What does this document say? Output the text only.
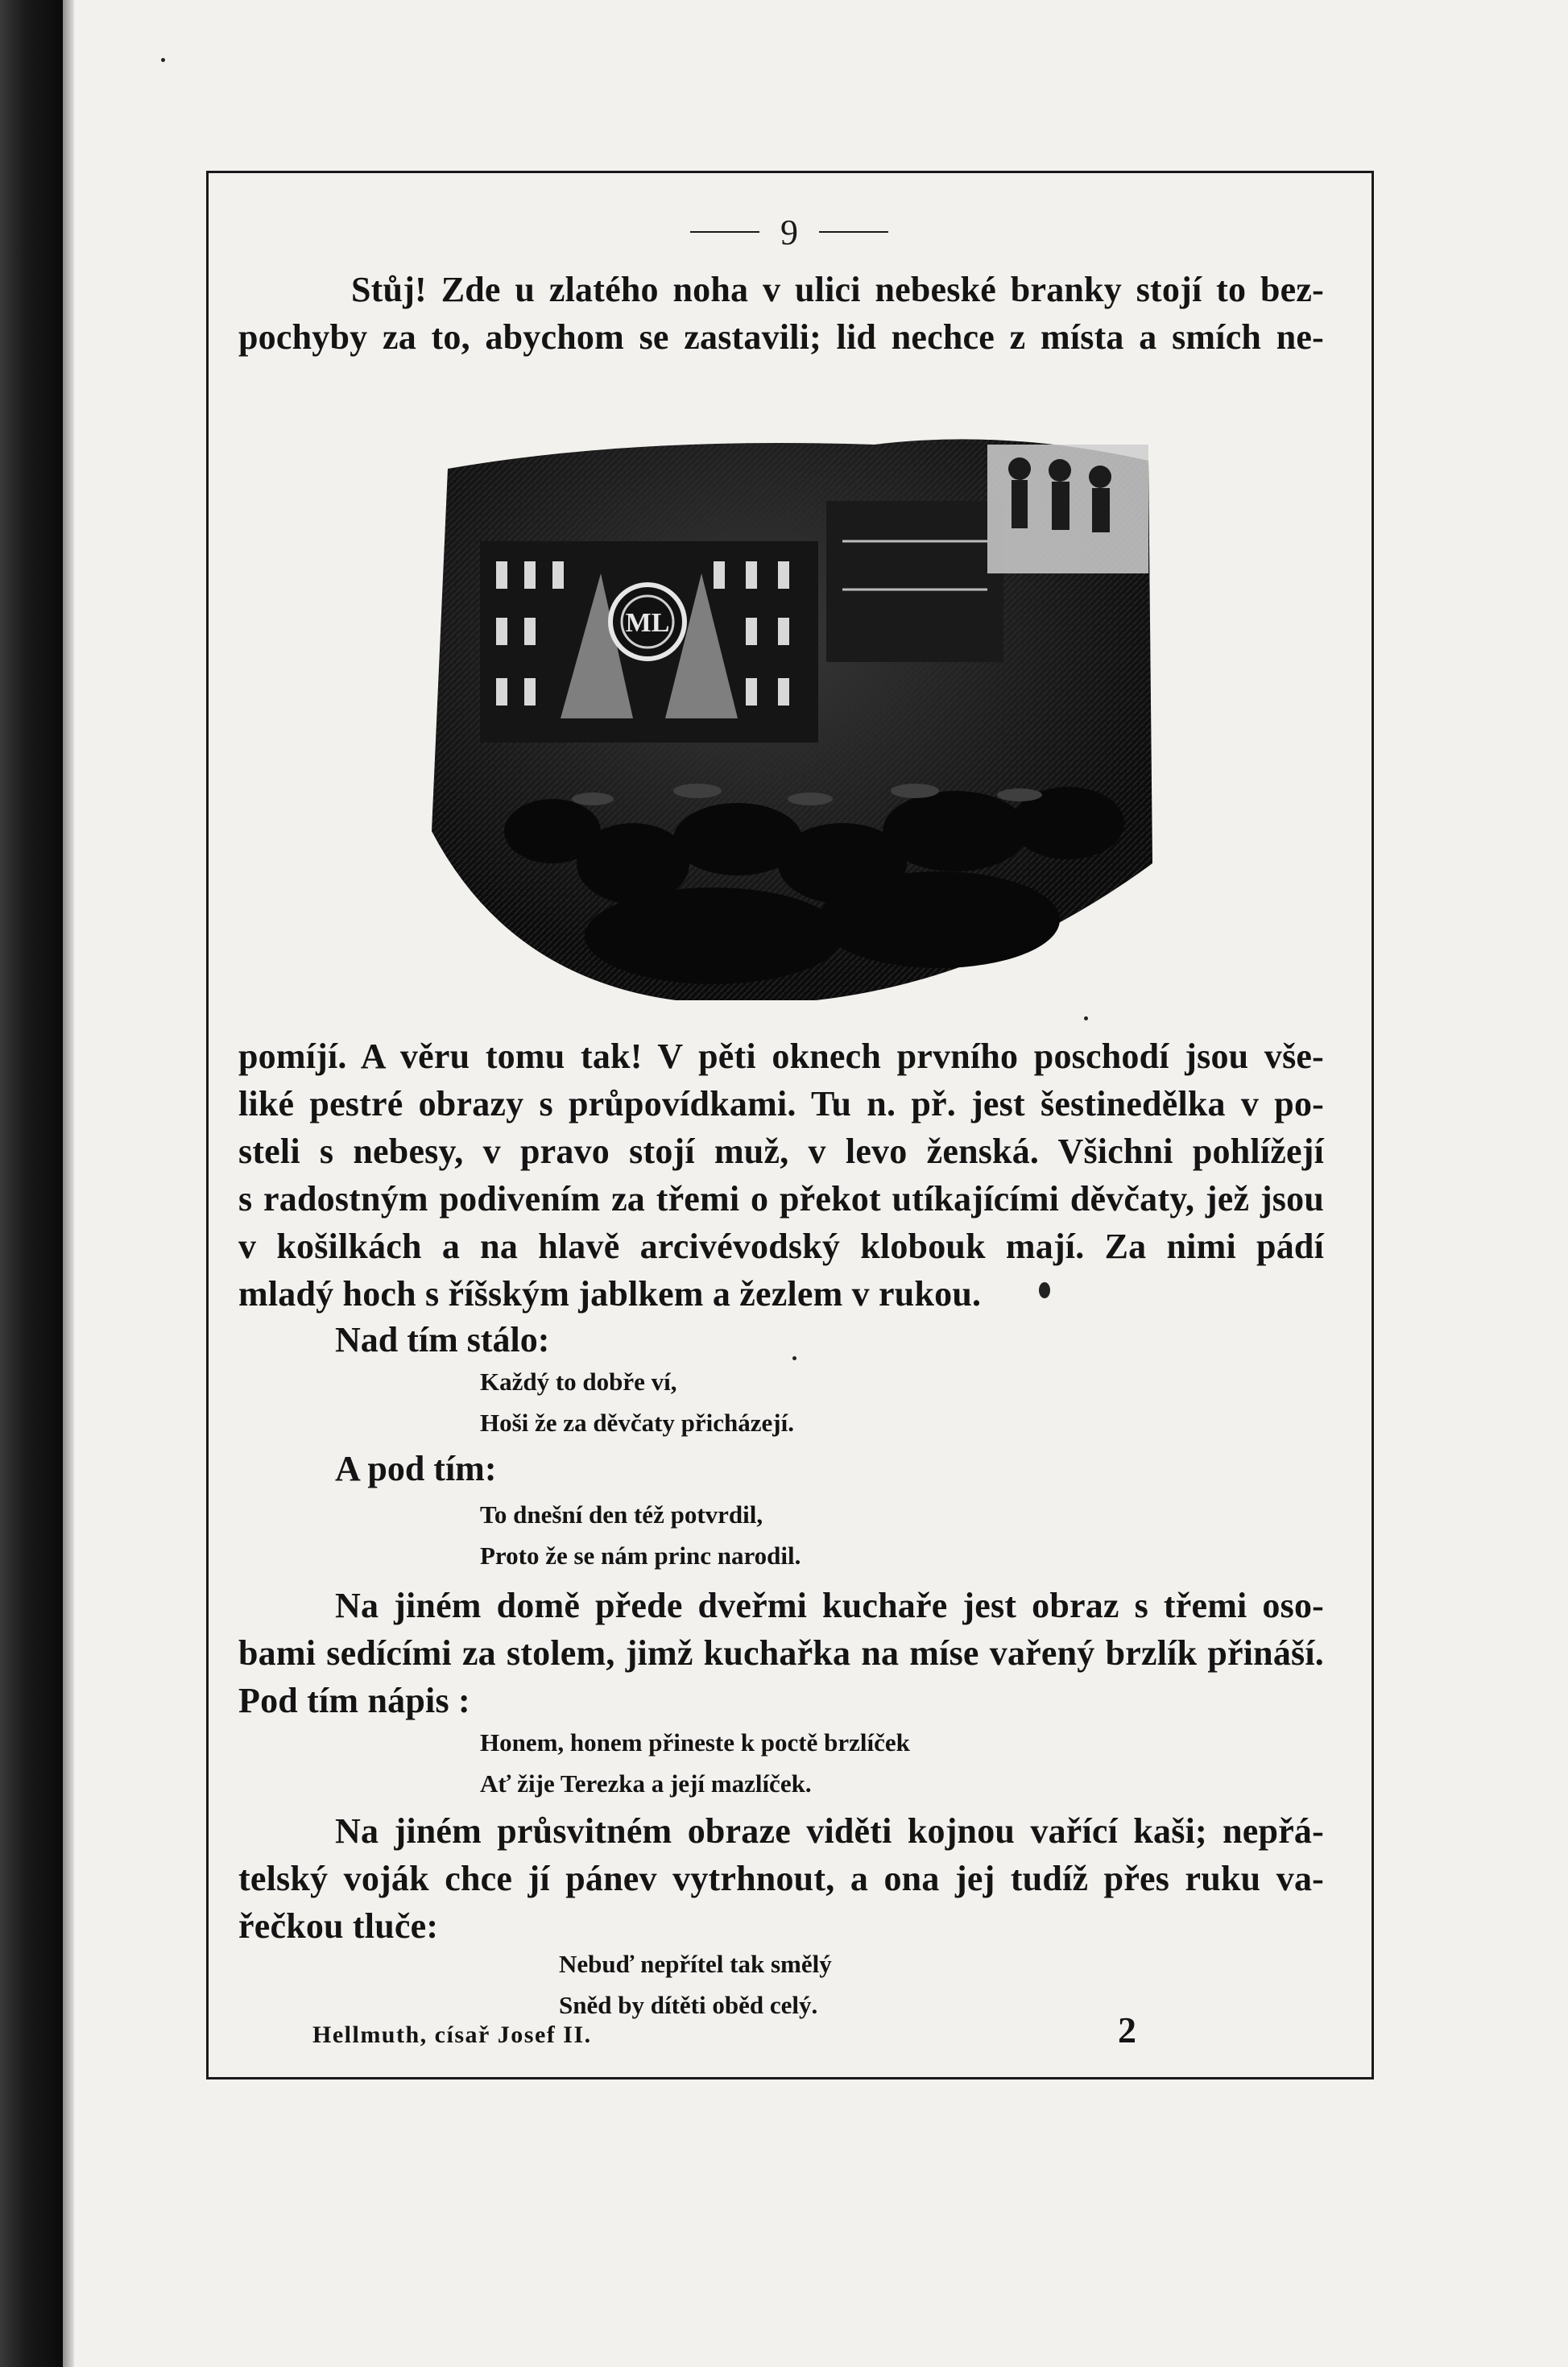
9
Stůj! Zde u zlatého noha v ulici nebeské branky stojí to bez-
pochyby za to, abychom se zastavili; lid nechce z místa a smích ne-
ML
pomíjí. A věru tomu tak! V pěti oknech prvního poschodí jsou vše-
liké pestré obrazy s průpovídkami. Tu n. př. jest šestinedělka v po-
steli s nebesy, v pravo stojí muž, v levo ženská. Všichni pohlížejí
s radostným podivením za třemi o překot utíkajícími děvčaty, jež jsou
v košilkách a na hlavě arcivévodský klobouk mají. Za nimi pádí
mladý hoch s říšským jablkem a žezlem v rukou.
Nad tím stálo:
Každý to dobře ví,
Hoši že za děvčaty přicházejí.
A pod tím:
To dnešní den též potvrdil,
Proto že se nám princ narodil.
Na jiném domě přede dveřmi kuchaře jest obraz s třemi oso-
bami sedícími za stolem, jimž kuchařka na míse vařený brzlík přináší.
Pod tím nápis :
Honem, honem přineste k poctě brzlíček
Ať žije Terezka a její mazlíček.
Na jiném průsvitném obraze viděti kojnou vařící kaši; nepřá-
telský voják chce jí pánev vytrhnout, a ona jej tudíž přes ruku va-
řečkou tluče:
Nebuď nepřítel tak smělý
Sněd by dítěti oběd celý.
Hellmuth, císař Josef II.	2
